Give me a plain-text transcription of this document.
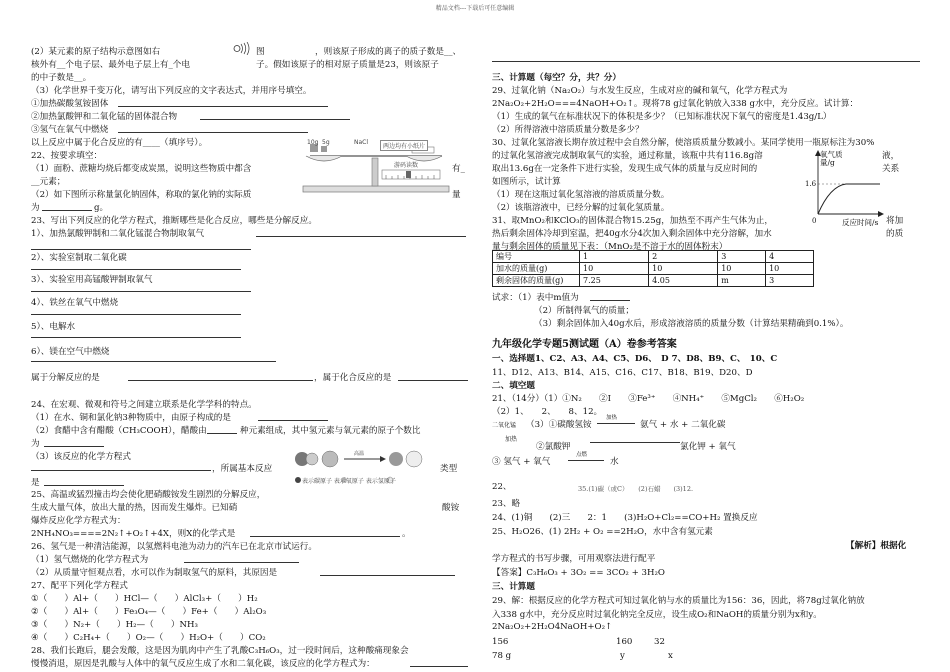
精品文档---下载后可任意编辑
(2）某元素的原子结构示意图如右	图	，则该原子形成的离子的质子数是__、
核外有__个电子层、最外电子层上有_个电	子。假如该原子的相对原子质量是23，则该原子
的中子数是__。
（3）化学世界千变万化，请写出下列反应的文字表达式，并用序号填空。
①加热碳酸氢铵固体
②加热氯酸钾和二氧化锰的固体混合物
③氢气在氧气中燃烧
以上反应中属于化合反应的有____（填序号）。
22、按要求填空：
（1）面粉、蔗糖均烧后都变成炭黑，说明这些物质中都含	有_
__元素；
（2）如下图所示称量氯化钠固体，称取的氯化钠的实际质	量
为	g。
10g 5g	NaCl
两边均有小纸片
游码读数
23、写出下列反应的化学方程式，推断哪些是化合反应，哪些是分解反应。
1）、加热氯酸钾制和二氧化锰混合物制取氧气
2）、实验室制取二氧化碳
3）、实验室用高锰酸钾制取氧气
4）、铁丝在氧气中燃烧
5）、电解水
6）、镁在空气中燃烧
属于分解反应的是	，属于化合反应的是
24、在宏观、微观和符号之间建立联系是化学学科的特点。
（1）在水、铜和氯化钠3种物质中，由原子构成的是
（2）食醋中含有醋酸（CH₃COOH），醋酸由	种元素组成，其中氢元素与氧元素的原子个数比
为
（3）该反应的化学方程式
，所属基本反应	类型
是
高温
表示碳原子 表示氧原子 表示氢原子
25、高温或猛烈撞击均会使化肥硝酸铵发生剧烈的分解反应，
生成大量气体，放出大量的热，因而发生爆炸。已知硝	酸铵
爆炸反应化学方程式为：
2NH₄NO₃====2N₂↑+O₂↑+4X，则X的化学式是	。
26、氢气是一种清洁能源，以氢燃料电池为动力的汽车已在北京市试运行。
（1）氢气燃烧的化学方程式为
（2）从质量守恒观点看，水可以作为制取氢气的原料，其原因是
27、配平下列化学方程式
①（　　）Al+（　　）HCl—（　　）AlCl₃+（　　）H₂
②（　　）Al+（　　）Fe₃O₄—（　　）Fe+（　　）Al₂O₃
③（　　）N₂+（　　）H₂—（　　）NH₃
④（　　）C₂H₄+（　　）O₂—（　　）H₂O+（　　）CO₂
28、我们长跑后，腿会发酸，这是因为肌肉中产生了乳酸C₃H₆O₃，过一段时间后，这种酸痛现象会
慢慢消退，原因是乳酸与人体中的氧气反应生成了水和二氧化碳，该反应的化学方程式为：
三、计算题（每空？分，共？分）
29、过氧化钠（Na₂O₂）与水发生反应，生成对应的碱和氧气，化学方程式为
2Na₂O₂+2H₂O===4NaOH+O₂↑。现将78 g过氧化钠放入338 g水中，充分反应。试计算：
（1）生成的氧气在标准状况下的体积是多少？（已知标准状况下氧气的密度是1.43g/L）
（2）所得溶液中溶质质量分数是多少？
30、过氧化氢溶液长期存放过程中会自然分解，使溶质质量分数减小。某同学使用一瓶原标注为30%
的过氧化氢溶液完成制取氧气的实验，通过称量，该瓶中共有116.8g溶	液，
取出13.6g在一定条件下进行实验，发现生成气体的质量与反应时间的	关系
如图所示，试计算
（1）现在这瓶过氧化氢溶液的溶质质量分数。
（2）该瓶溶液中，已经分解的过氧化氢质量。
氧气质量/g
1.6
0	反应时间/s
31、取MnO₂和KClO₃的固体混合物15.25g，加热至不再产生气体为止，	将加
热后剩余固体冷却到室温，把40g水分4次加入剩余固体中充分溶解，加水	的质
量与剩余固体的质量见下表：（MnO₂是不溶于水的固体粉末）
编号	1	2	3	4
加水的质量(g)	10	10	10	10
剩余固体的质量(g)	7.25	4.05	m	3
试求：（1）表中m值为
（2）所制得氧气的质量；
（3）剩余固体加入40g水后，形成溶液溶质的质量分数（计算结果精确到0.1%）。
九年级化学专题5测试题（A）卷参考答案
一、选择题1、C2、A3、A4、C5、D6、　D 7、D8、B9、C、　10、C
11、D12、A13、B14、A15、C16、C17、B18、B19、D20、D
二、填空题
21、（14分）（1）①N₂　　②I　　③Fe³⁺　　④NH₄⁺　　⑤MgCl₂　　⑥H₂O₂
（2）1、　　2、　　8、12。
二氧化锰
加热
（3）①碳酸氢铵
加热
氨气 + 水 + 二氧化碳
②氯酸钾	氯化钾 + 氧气
③ 氢气 + 氧气
点燃
水
22、	35.(1)碳（或C）　　(2)石蜡　　(3)12.
23、略
24、(1)铜　　(2)三　　2：1　　(3)H₂O+Cl₂==CO+H₂ 置换反应
25、H₂O26、(1) 2H₂ + O₂ ==2H₂O，水中含有氢元素
【解析】根据化
学方程式的书写步骤，可用观察法进行配平
【答案】C₃H₆O₃ + 3O₂ == 3CO₂ + 3H₂O
三、计算题
29、解：根据反应的化学方程式可知过氧化钠与水的质量比为156：36，因此，将78g过氧化钠放
入338 g水中，充分反应时过氧化钠完全反应，设生成O₂和NaOH的质量分别为x和y。
2Na₂O₂+2H₂O4NaOH+O₂↑
156	160	32
78 g	y	x
